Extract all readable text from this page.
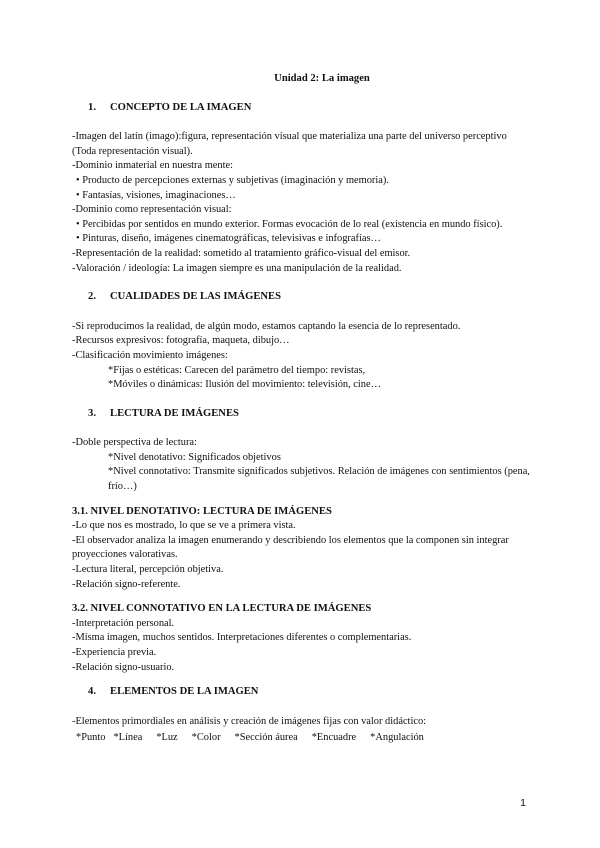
Unidad 2: La imagen

1.	CONCEPTO DE LA IMAGEN

-Imagen del latín (imago):figura, representación visual que materializa una parte del universo perceptivo (Toda representación visual).

-Dominio inmaterial en nuestra mente:

• Producto de percepciones externas y subjetivas (imaginación y memoria).

• Fantasías, visiones, imaginaciones…

-Dominio como representación visual:

• Percibidas por sentidos en mundo exterior. Formas evocación de lo real (existencia en mundo físico).

• Pinturas, diseño, imágenes cinematográficas, televisivas e infografías…

-Representación de la realidad: sometido al tratamiento gráfico-visual del emisor.

-Valoración / ideología: La imagen siempre es una manipulación de la realidad.

2.	CUALIDADES DE LAS IMÁGENES

-Si reproducimos la realidad, de algún modo, estamos captando la esencia de lo representado.

-Recursos expresivos: fotografía, maqueta, dibujo…

-Clasificación movimiento imágenes:

*Fijas o estéticas: Carecen del parámetro del tiempo: revistas,

*Móviles o dinámicas: Ilusión del movimiento: televisión, cine…

3.	LECTURA DE IMÁGENES

-Doble perspectiva de lectura:

*Nivel denotativo: Significados objetivos

*Nivel connotativo: Transmite significados subjetivos. Relación de imágenes con sentimientos (pena, frío…)

3.1. NIVEL DENOTATIVO: LECTURA DE IMÁGENES

-Lo que nos es mostrado, lo que se ve a primera vista.

-El observador analiza la imagen enumerando y describiendo los elementos que la componen sin integrar proyecciones valorativas.

-Lectura literal, percepción objetiva.

-Relación signo-referente.

3.2. NIVEL CONNOTATIVO EN LA LECTURA DE IMÁGENES

-Interpretación personal.

-Misma imagen, muchos sentidos. Interpretaciones diferentes o complementarias.

-Experiencia previa.

-Relación signo-usuario.

4.	ELEMENTOS DE LA IMAGEN

-Elementos primordiales en análisis y creación de imágenes fijas con valor didáctico:

*Punto *Línea *Luz *Color *Sección áurea *Encuadre *Angulación
1
